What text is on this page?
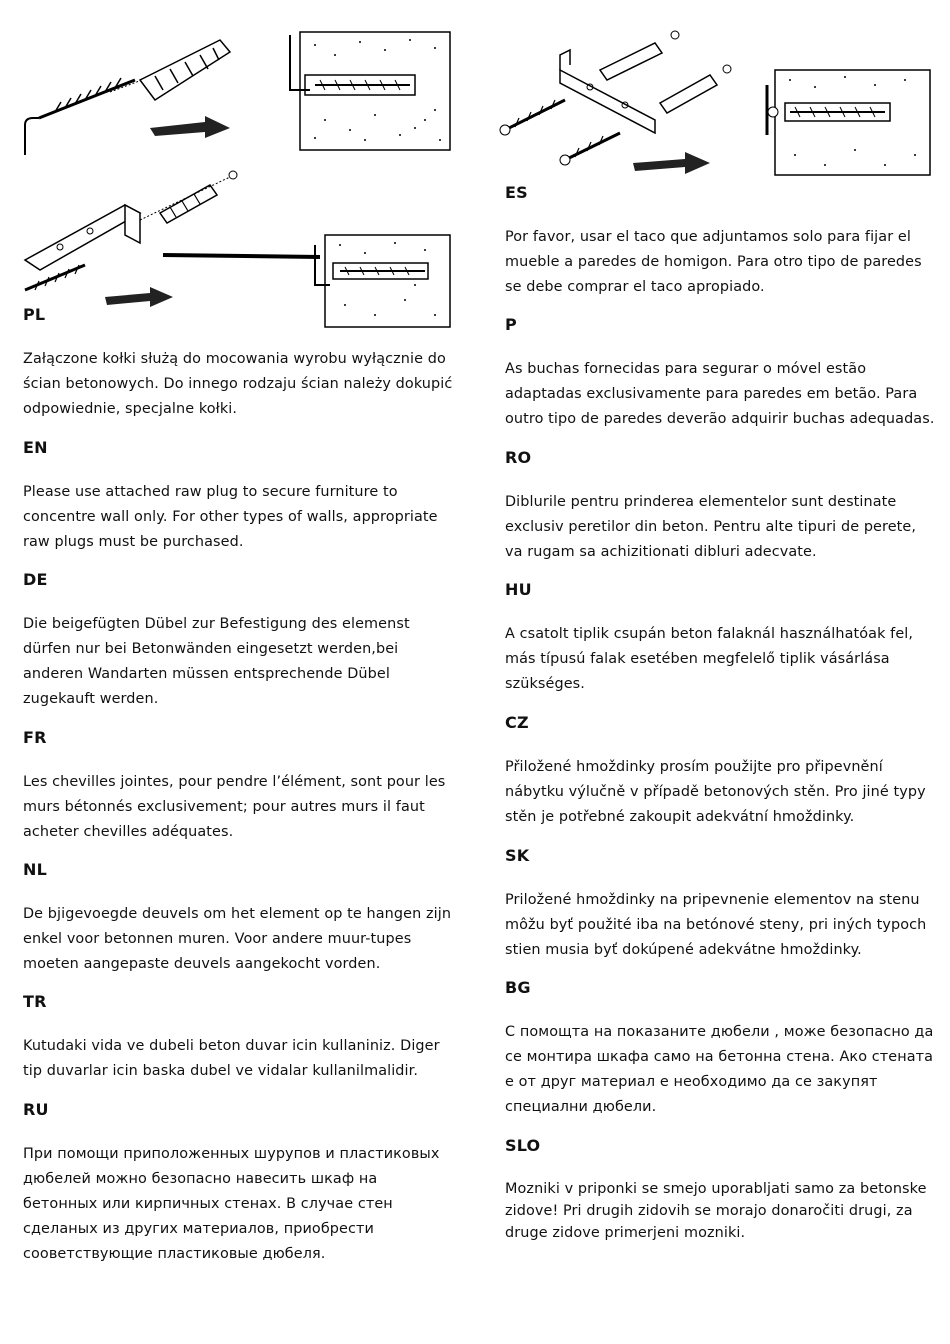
PL
Załączone kołki służą do mocowania wyrobu wyłącznie do ścian betonowych. Do innego rodzaju ścian należy dokupić odpowiednie, specjalne kołki.
EN
Please use attached raw plug to secure furniture to concentre wall only. For other types of walls, appropriate raw plugs must be purchased.
DE
Die beigefügten Dübel zur Befestigung des elemenst dürfen nur bei Betonwänden eingesetzt werden,bei anderen Wandarten müssen entsprechende Dübel zugekauft werden.
FR
Les chevilles jointes, pour pendre l’élément, sont pour les murs bétonnés exclusivement; pour autres murs il faut acheter chevilles adéquates.
NL
De bjigevoegde deuvels om het element op te hangen zijn enkel voor betonnen muren. Voor andere muur-tupes moeten aangepaste deuvels aangekocht vorden.
TR
Kutudaki vida ve dubeli beton duvar icin kullaniniz. Diger tip duvarlar icin baska dubel ve vidalar kullanilmalidir.
RU
При помощи приположенных шурупов и пластиковых дюбелей можно безопасно навесить шкаф на бетонных или кирпичных стенах. В случае стен сделаных из других материалов, приобрести сооветствующие пластиковые дюбеля.
ES
Por favor, usar el taco que adjuntamos solo para fijar el mueble a paredes de homigon. Para otro tipo de paredes se debe comprar el taco apropiado.
P
As buchas fornecidas para segurar o móvel estão adaptadas exclusivamente para paredes em betão. Para outro tipo de paredes deverão adquirir buchas adequadas.
RO
Diblurile pentru prinderea elementelor sunt destinate exclusiv peretilor din beton. Pentru alte tipuri de perete, va rugam sa achizitionati dibluri adecvate.
HU
A csatolt tiplik csupán beton falaknál használhatóak fel, más típusú falak esetében megfelelő tiplik vásárlása szükséges.
CZ
Přiložené hmoždinky prosím použijte pro připevnění nábytku výlučně v případě betonových stěn. Pro jiné typy stěn je potřebné zakoupit adekvátní hmoždinky.
SK
Priložené hmoždinky na pripevnenie elementov na stenu môžu byť použité iba na betónové steny, pri iných typoch stien musia byť dokúpené adekvátne hmoždinky.
BG
С помощта на показаните дюбели , може безопасно да се монтира шкафа само на бетонна стена. Ако стената е от друг материал е необходимо да се закупят специални дюбели.
SLO
Mozniki v priponki se smejo uporabljati samo za betonske zidove! Pri drugih zidovih se morajo donaročiti drugi, za druge zidove primerjeni mozniki.
